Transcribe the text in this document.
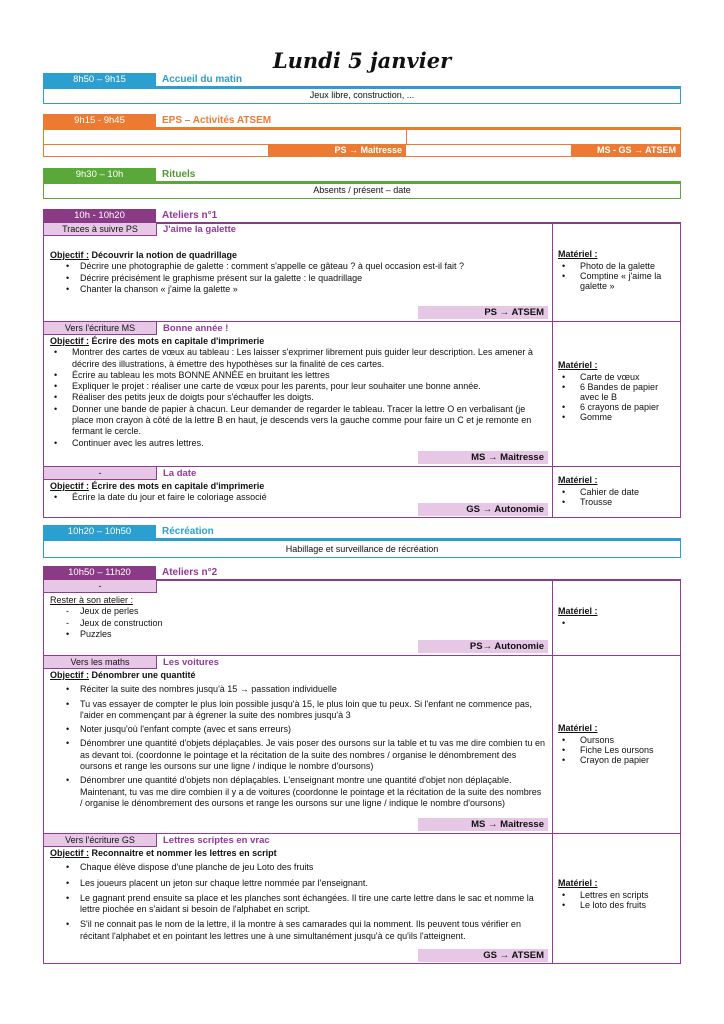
Lundi 5 janvier
8h50 – 9h15	Accueil du matin
Jeux libre, construction, ...
9h15 - 9h45	EPS – Activités ATSEM
PS → Maitresse	MS - GS → ATSEM
9h30 – 10h	Rituels
Absents / présent – date
10h - 10h20	Ateliers n°1
Traces à suivre PS	J'aime la galette
Objectif : Découvrir la notion de quadrillage
• Décrire une photographie de galette : comment s'appelle ce gâteau ? à quel occasion est-il fait ?
• Décrire précisément le graphisme présent sur la galette : le quadrillage
• Chanter la chanson « j'aime la galette »
PS → ATSEM
Matériel :
• Photo de la galette
• Comptine « j'aime la galette »
Vers l'écriture MS	Bonne année !
Objectif : Écrire des mots en capitale d'imprimerie
• Montrer des cartes de vœux au tableau : Les laisser s'exprimer librement puis guider leur description. Les amener à décrire des illustrations, à émettre des hypothèses sur la finalité de ces cartes.
• Écrire au tableau les mots BONNE ANNÉE en bruitant les lettres
• Expliquer le projet : réaliser une carte de vœux pour les parents, pour leur souhaiter une bonne année.
• Réaliser des petits jeux de doigts pour s'échauffer les doigts.
• Donner une bande de papier à chacun. Leur demander de regarder le tableau. Tracer la lettre O en verbalisant (je place mon crayon à côté de la lettre B en haut, je descends vers la gauche comme pour faire un C et je remonte en fermant le cercle.
• Continuer avec les autres lettres.
MS → Maitresse
Matériel :
• Carte de vœux
• 6 Bandes de papier avec le B
• 6 crayons de papier
• Gomme
-	La date
Objectif : Écrire des mots en capitale d'imprimerie
• Écrire la date du jour et faire le coloriage associé
GS → Autonomie
Matériel :
• Cahier de date
• Trousse
10h20 – 10h50	Récréation
Habillage et surveillance de récréation
10h50 – 11h20	Ateliers n°2
-
Rester à son atelier :
- Jeux de perles
- Jeux de construction
• Puzzles
PS→ Autonomie
Matériel :
Vers les maths	Les voitures
Objectif : Dénombrer une quantité
• Réciter la suite des nombres jusqu'à 15 → passation individuelle
• Tu vas essayer de compter le plus loin possible jusqu'à 15, le plus loin que tu peux. Si l'enfant ne commence pas, l'aider en commençant par à égrener la suite des nombres jusqu'à 3
• Noter jusqu'où l'enfant compte (avec et sans erreurs)
• Dénombrer une quantité d'objets déplaçables. Je vais poser des oursons sur la table et tu vas me dire combien tu en as devant toi. (coordonne le pointage et la récitation de la suite des nombres / organise le dénombrement des oursons et range les oursons sur une ligne / indique le nombre d'oursons)
• Dénombrer une quantité d'objets non déplaçables. L'enseignant montre une quantité d'objet non déplaçable. Maintenant, tu vas me dire combien il y a de voitures (coordonne le pointage et la récitation de la suite des nombres / organise le dénombrement des oursons et range les oursons sur une ligne / indique le nombre d'oursons)
MS → Maitresse
Matériel :
• Oursons
• Fiche Les oursons
• Crayon de papier
Vers l'écriture GS	Lettres scriptes en vrac
Objectif : Reconnaitre et nommer les lettres en script
• Chaque élève dispose d'une planche de jeu Loto des fruits
• Les joueurs placent un jeton sur chaque lettre nommée par l'enseignant.
• Le gagnant prend ensuite sa place et les planches sont échangées. Il tire une carte lettre dans le sac et nomme la lettre piochée en s'aidant si besoin de l'alphabet en script.
• S'il ne connait pas le nom de la lettre, il la montre à ses camarades qui la nomment. Ils peuvent tous vérifier en récitant l'alphabet et en pointant les lettres une à une simultanément jusqu'à ce qu'ils l'atteignent.
GS → ATSEM
Matériel :
• Lettres en scripts
• Le loto des fruits
